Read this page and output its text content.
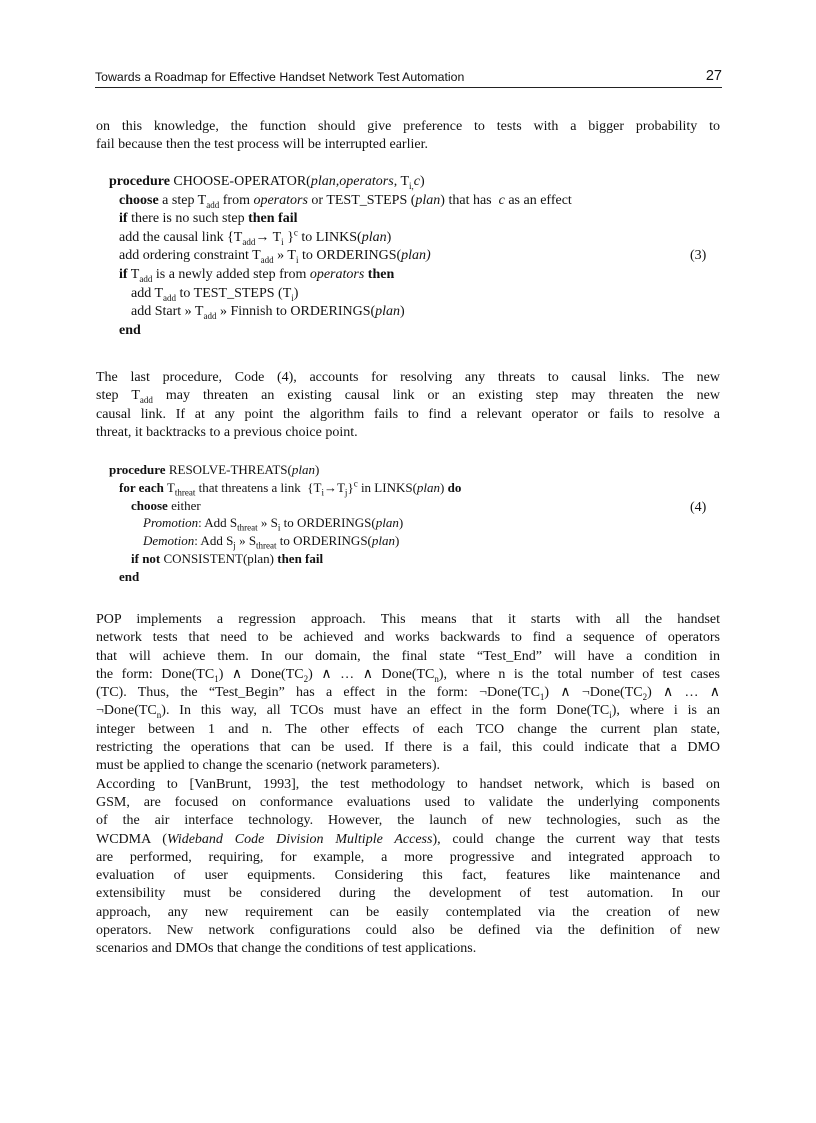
Towards a Roadmap for Effective Handset Network Test Automation	27
on this knowledge, the function should give preference to tests with a bigger probability to
fail because then the test process will be interrupted earlier.
procedure CHOOSE-OPERATOR(plan,operators, $T_{i,}c$)
choose a step $T_{add}$ from operators or TEST_STEPS (plan) that has  c as an effect
if there is no such step then fail
add the causal link {$T_{add}\to T_i$ }$^c$ to LINKS(plan)
add ordering constraint $T_{add}$ » $T_i$ to ORDERINGS(plan)
if $T_{add}$ is a newly added step from operators then
add $T_{add}$ to TEST_STEPS $(T_i)$
add Start » $T_{add}$ » Finnish to ORDERINGS(plan)
end
(3)
The last procedure, Code (4), accounts for resolving any threats to causal links. The new
step $T_{add}$ may threaten an existing causal link or an existing step may threaten the new
causal link. If at any point the algorithm fails to find a relevant operator or fails to resolve a
threat, it backtracks to a previous choice point.
procedure RESOLVE-THREATS(plan)
for each $T_{threat}$ that threatens a link  $\{T_i\to T_j\}^c$ in LINKS(plan) do
choose either
Promotion: Add $S_{threat}$ » $S_i$ to ORDERINGS(plan)
Demotion: Add $S_j$ » $S_{threat}$ to ORDERINGS(plan)
if not CONSISTENT(plan) then fail
end
(4)
POP implements a regression approach. This means that it starts with all the handset
network tests that need to be achieved and works backwards to find a sequence of operators
that will achieve them. In our domain, the final state “Test_End” will have a condition in
the form: $Done(TC_1)$ ∧ $Done(TC_2)$ ∧ … ∧ $Done(TC_n)$, where n is the total number of test cases
(TC). Thus, the “Test_Begin” has a effect in the form: $\neg Done(TC_1)$ ∧ $\neg Done(TC_2)$ ∧ … ∧
$\neg Done(TC_n)$. In this way, all TCOs must have an effect in the form $Done(TC_i)$, where i is an
integer between 1 and n. The other effects of each TCO change the current plan state,
restricting the operations that can be used. If there is a fail, this could indicate that a DMO
must be applied to change the scenario (network parameters).
According to [VanBrunt, 1993], the test methodology to handset network, which is based on
GSM, are focused on conformance evaluations used to validate the underlying components
of the air interface technology. However, the launch of new technologies, such as the
WCDMA (Wideband Code Division Multiple Access), could change the current way that tests
are performed, requiring, for example, a more progressive and integrated approach to
evaluation of user equipments. Considering this fact, features like maintenance and
extensibility must be considered during the development of test automation. In our
approach, any new requirement can be easily contemplated via the creation of new
operators. New network configurations could also be defined via the definition of new
scenarios and DMOs that change the conditions of test applications.
